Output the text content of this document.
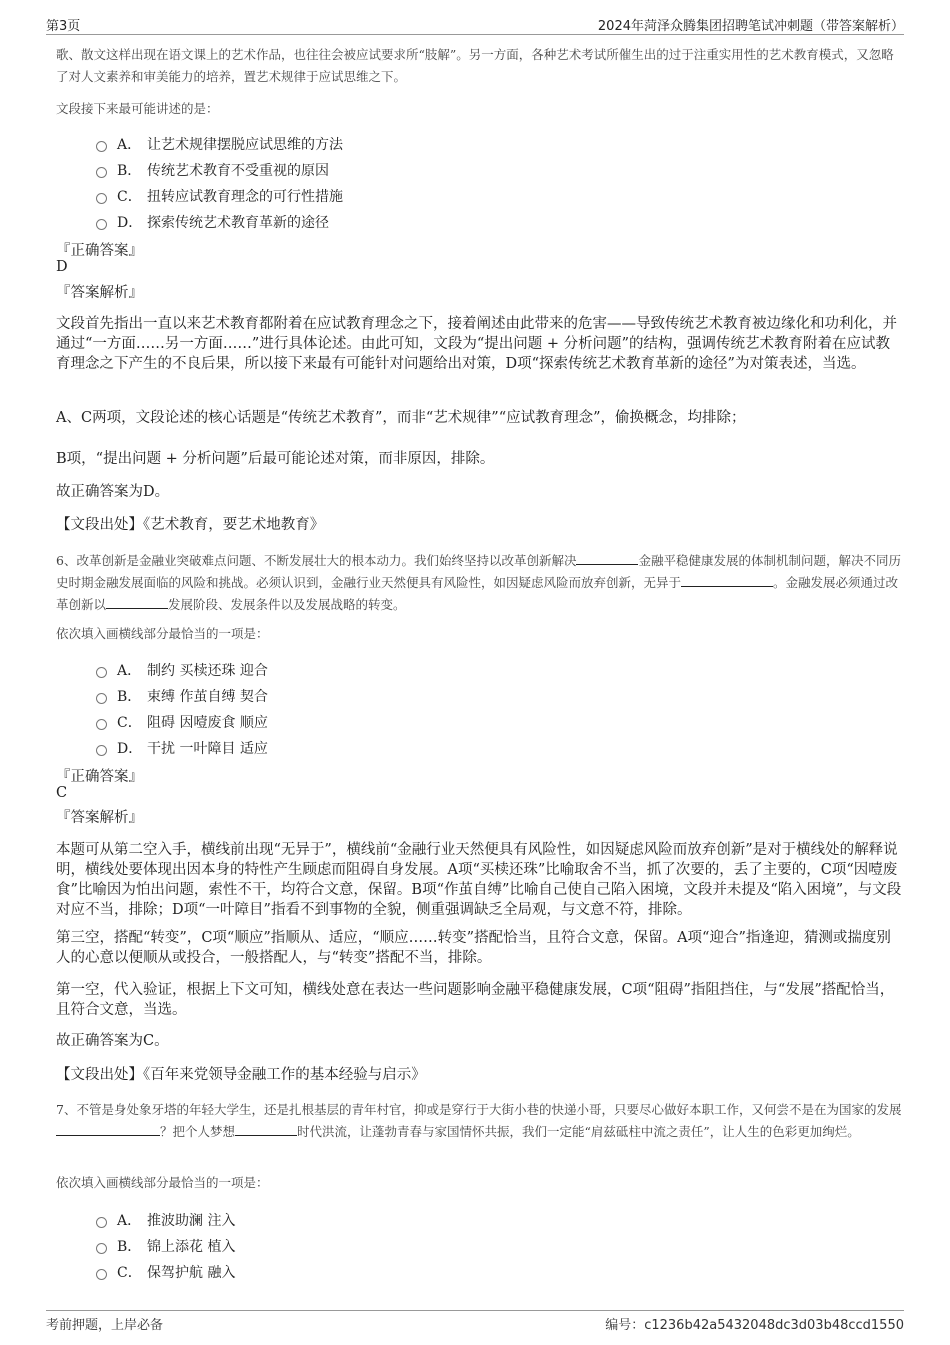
第3页	2024年菏泽众腾集团招聘笔试冲刺题（带答案解析）
歌、散文这样出现在语文课上的艺术作品，也往往会被应试要求所“肢解”。另一方面，各种艺术考试所催生出的过于注重实用性的艺术教育模式，又忽略了对人文素养和审美能力的培养，置艺术规律于应试思维之下。
文段接下来最可能讲述的是：
A． 让艺术规律摆脱应试思维的方法
B． 传统艺术教育不受重视的原因
C． 扭转应试教育理念的可行性措施
D． 探索传统艺术教育革新的途径
『正确答案』
D
『答案解析』
文段首先指出一直以来艺术教育都附着在应试教育理念之下，接着阐述由此带来的危害——导致传统艺术教育被边缘化和功利化，并通过“一方面……另一方面……”进行具体论述。由此可知，文段为“提出问题 + 分析问题”的结构，强调传统艺术教育附着在应试教育理念之下产生的不良后果，所以接下来最有可能针对问题给出对策，D项“探索传统艺术教育革新的途径”为对策表述，当选。
A、C两项，文段论述的核心话题是“传统艺术教育”，而非“艺术规律”“应试教育理念”，偷换概念，均排除；
B项，“提出问题 + 分析问题”后最可能论述对策，而非原因，排除。
故正确答案为D。
【文段出处】《艺术教育，要艺术地教育》
6、改革创新是金融业突破难点问题、不断发展壮大的根本动力。我们始终坚持以改革创新解决	金融平稳健康发展的体制机制问题，解决不同历史时期金融发展面临的风险和挑战。必须认识到，金融行业天然便具有风险性，如因疑虑风险而放弃创新，无异于	。金融发展必须通过改革创新以	发展阶段、发展条件以及发展战略的转变。
依次填入画横线部分最恰当的一项是：
A． 制约 买椟还珠 迎合
B． 束缚 作茧自缚 契合
C． 阻碍 因噎废食 顺应
D． 干扰 一叶障目 适应
『正确答案』
C
『答案解析』
本题可从第二空入手，横线前出现“无异于”，横线前“金融行业天然便具有风险性，如因疑虑风险而放弃创新”是对于横线处的解释说明，横线处要体现出因本身的特性产生顾虑而阻碍自身发展。A项“买椟还珠”比喻取舍不当，抓了次要的，丢了主要的，C项“因噎废食”比喻因为怕出问题，索性不干，均符合文意，保留。B项“作茧自缚”比喻自己使自己陷入困境，文段并未提及“陷入困境”，与文段对应不当，排除；D项“一叶障目”指看不到事物的全貌，侧重强调缺乏全局观，与文意不符，排除。
第三空，搭配“转变”，C项“顺应”指顺从、适应，“顺应……转变”搭配恰当，且符合文意，保留。A项“迎合”指逢迎，猜测或揣度别人的心意以便顺从或投合，一般搭配人，与“转变”搭配不当，排除。
第一空，代入验证，根据上下文可知，横线处意在表达一些问题影响金融平稳健康发展，C项“阻碍”指阻挡住，与“发展”搭配恰当，且符合文意，当选。
故正确答案为C。
【文段出处】《百年来党领导金融工作的基本经验与启示》
7、不管是身处象牙塔的年轻大学生，还是扎根基层的青年村官，抑或是穿行于大街小巷的快递小哥，只要尽心做好本职工作，又何尝不是在为国家的发展？把个人梦想	时代洪流，让蓬勃青春与家国情怀共振，我们一定能“肩兹砥柱中流之责任”，让人生的色彩更加绚烂。
依次填入画横线部分最恰当的一项是：
A． 推波助澜 注入
B． 锦上添花 植入
C． 保驾护航 融入
考前押题，上岸必备	编号：c1236b42a5432048dc3d03b48ccd1550
